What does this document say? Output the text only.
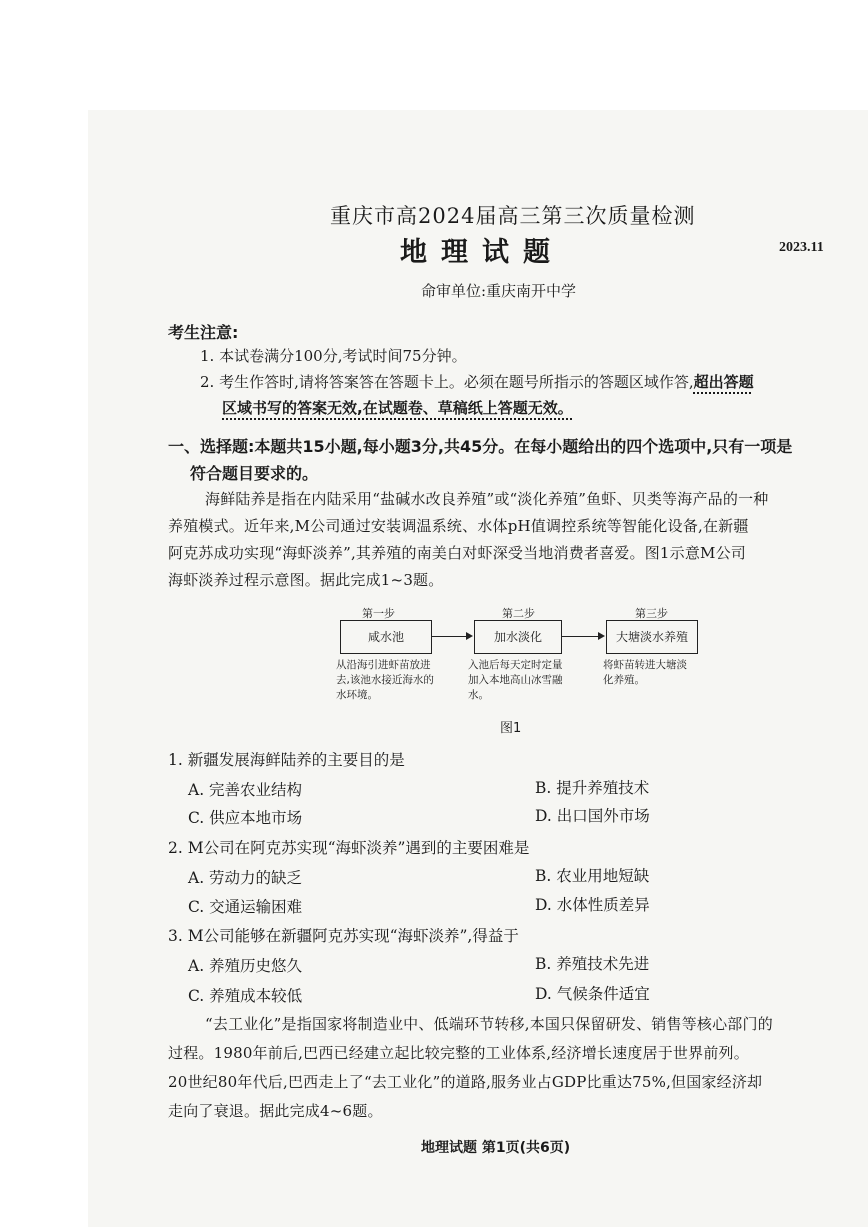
重庆市高2024届高三第三次质量检测
地理试题	2023.11
命审单位:重庆南开中学
考生注意:
1. 本试卷满分100分,考试时间75分钟。
2. 考生作答时,请将答案答在答题卡上。必须在题号所指示的答题区域作答,超出答题
区域书写的答案无效,在试题卷、草稿纸上答题无效。
一、选择题:本题共15小题,每小题3分,共45分。在每小题给出的四个选项中,只有一项是
符合题目要求的。
海鲜陆养是指在内陆采用“盐碱水改良养殖”或“淡化养殖”鱼虾、贝类等海产品的一种
养殖模式。近年来,M公司通过安装调温系统、水体pH值调控系统等智能化设备,在新疆
阿克苏成功实现“海虾淡养”,其养殖的南美白对虾深受当地消费者喜爱。图1示意M公司
海虾淡养过程示意图。据此完成1~3题。
第一步	第二步	第三步
咸水池	加水淡化	大塘淡水养殖
从沿海引进虾苗放进去,该池水接近海水的水环境。
入池后每天定时定量加入本地高山冰雪融水。
将虾苗转进大塘淡化养殖。
图1
1. 新疆发展海鲜陆养的主要目的是
A. 完善农业结构	B. 提升养殖技术
C. 供应本地市场	D. 出口国外市场
2. M公司在阿克苏实现“海虾淡养”遇到的主要困难是
A. 劳动力的缺乏	B. 农业用地短缺
C. 交通运输困难	D. 水体性质差异
3. M公司能够在新疆阿克苏实现“海虾淡养”,得益于
A. 养殖历史悠久	B. 养殖技术先进
C. 养殖成本较低	D. 气候条件适宜
“去工业化”是指国家将制造业中、低端环节转移,本国只保留研发、销售等核心部门的
过程。1980年前后,巴西已经建立起比较完整的工业体系,经济增长速度居于世界前列。
20世纪80年代后,巴西走上了“去工业化”的道路,服务业占GDP比重达75%,但国家经济却
走向了衰退。据此完成4~6题。
地理试题 第1页(共6页)
